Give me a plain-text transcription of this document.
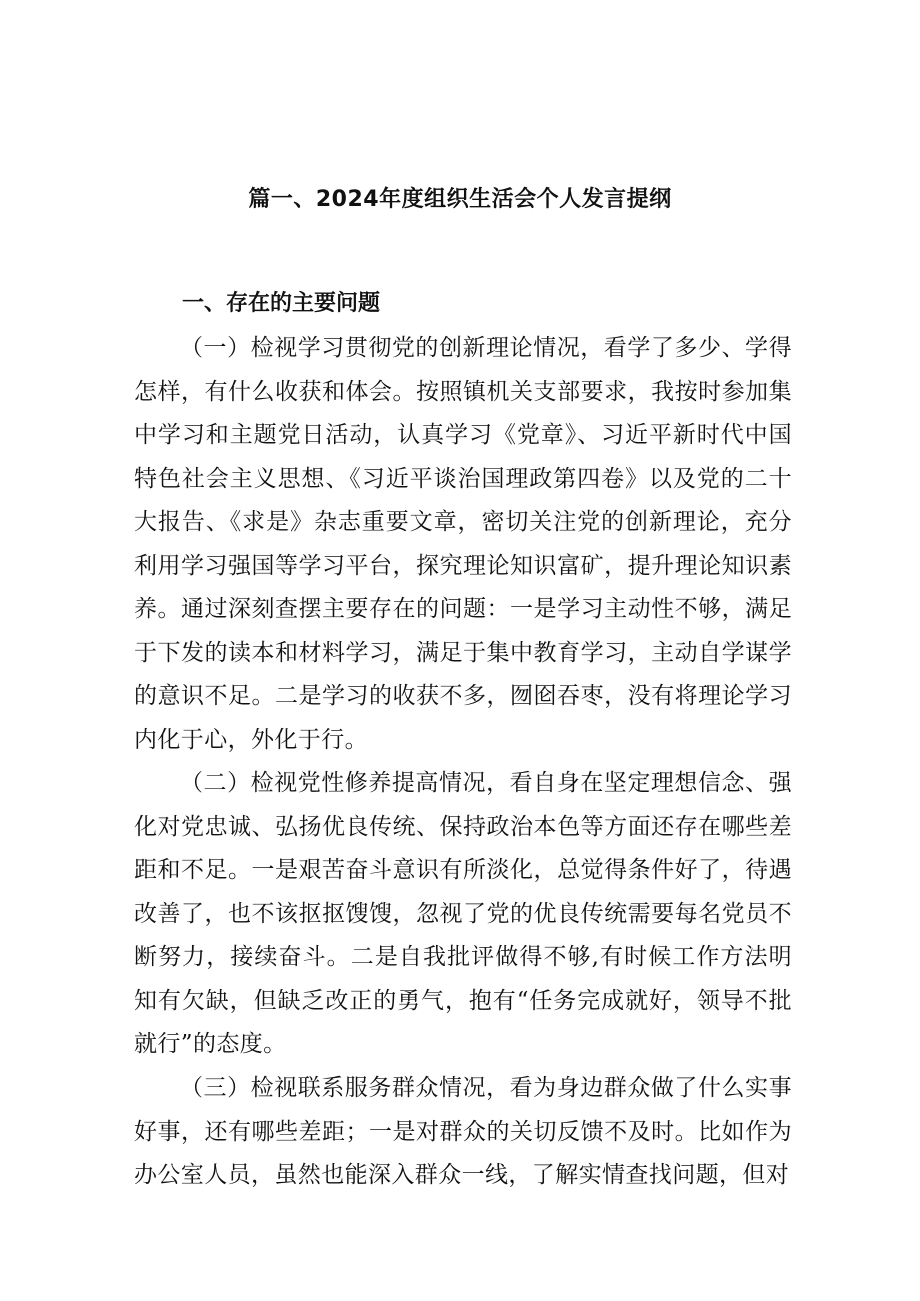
篇一、2024年度组织生活会个人发言提纲
一、存在的主要问题

（一）检视学习贯彻党的创新理论情况，看学了多少、学得怎样，有什么收获和体会。按照镇机关支部要求，我按时参加集中学习和主题党日活动，认真学习《党章》、习近平新时代中国特色社会主义思想、《习近平谈治国理政第四卷》以及党的二十大报告、《求是》杂志重要文章，密切关注党的创新理论，充分利用学习强国等学习平台，探究理论知识富矿，提升理论知识素养。通过深刻查摆主要存在的问题：一是学习主动性不够，满足于下发的读本和材料学习，满足于集中教育学习，主动自学谋学的意识不足。二是学习的收获不多，囫囵吞枣，没有将理论学习内化于心，外化于行。

（二）检视党性修养提高情况，看自身在坚定理想信念、强化对党忠诚、弘扬优良传统、保持政治本色等方面还存在哪些差距和不足。一是艰苦奋斗意识有所淡化，总觉得条件好了，待遇改善了，也不该抠抠馊馊，忽视了党的优良传统需要每名党员不断努力，接续奋斗。二是自我批评做得不够,有时候工作方法明知有欠缺，但缺乏改正的勇气，抱有“任务完成就好，领导不批就行”的态度。

（三）检视联系服务群众情况，看为身边群众做了什么实事好事，还有哪些差距；一是对群众的关切反馈不及时。比如作为办公室人员，虽然也能深入群众一线，了解实情查找问题，但对
